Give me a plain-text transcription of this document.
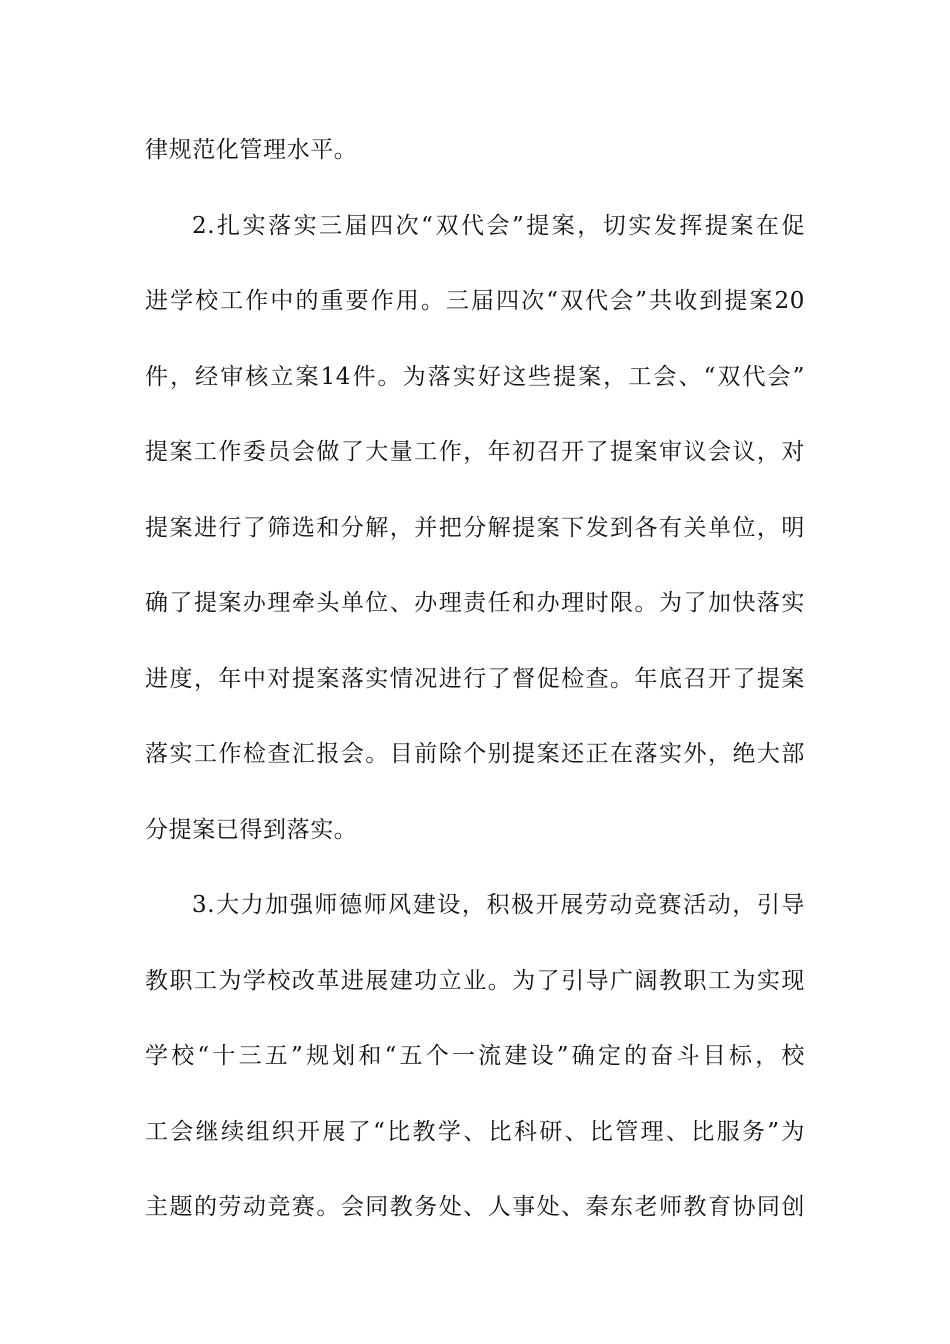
律规范化管理水平。
2.扎实落实三届四次“双代会”提案，切实发挥提案在促
进学校工作中的重要作用。三届四次“双代会”共收到提案20
件，经审核立案14件。为落实好这些提案，工会、“双代会”
提案工作委员会做了大量工作，年初召开了提案审议会议，对
提案进行了筛选和分解，并把分解提案下发到各有关单位，明
确了提案办理牵头单位、办理责任和办理时限。为了加快落实
进度，年中对提案落实情况进行了督促检查。年底召开了提案
落实工作检查汇报会。目前除个别提案还正在落实外，绝大部
分提案已得到落实。
3.大力加强师德师风建设，积极开展劳动竞赛活动，引导
教职工为学校改革进展建功立业。为了引导广阔教职工为实现
学校“十三五”规划和“五个一流建设”确定的奋斗目标，校
工会继续组织开展了“比教学、比科研、比管理、比服务”为
主题的劳动竞赛。会同教务处、人事处、秦东老师教育协同创
